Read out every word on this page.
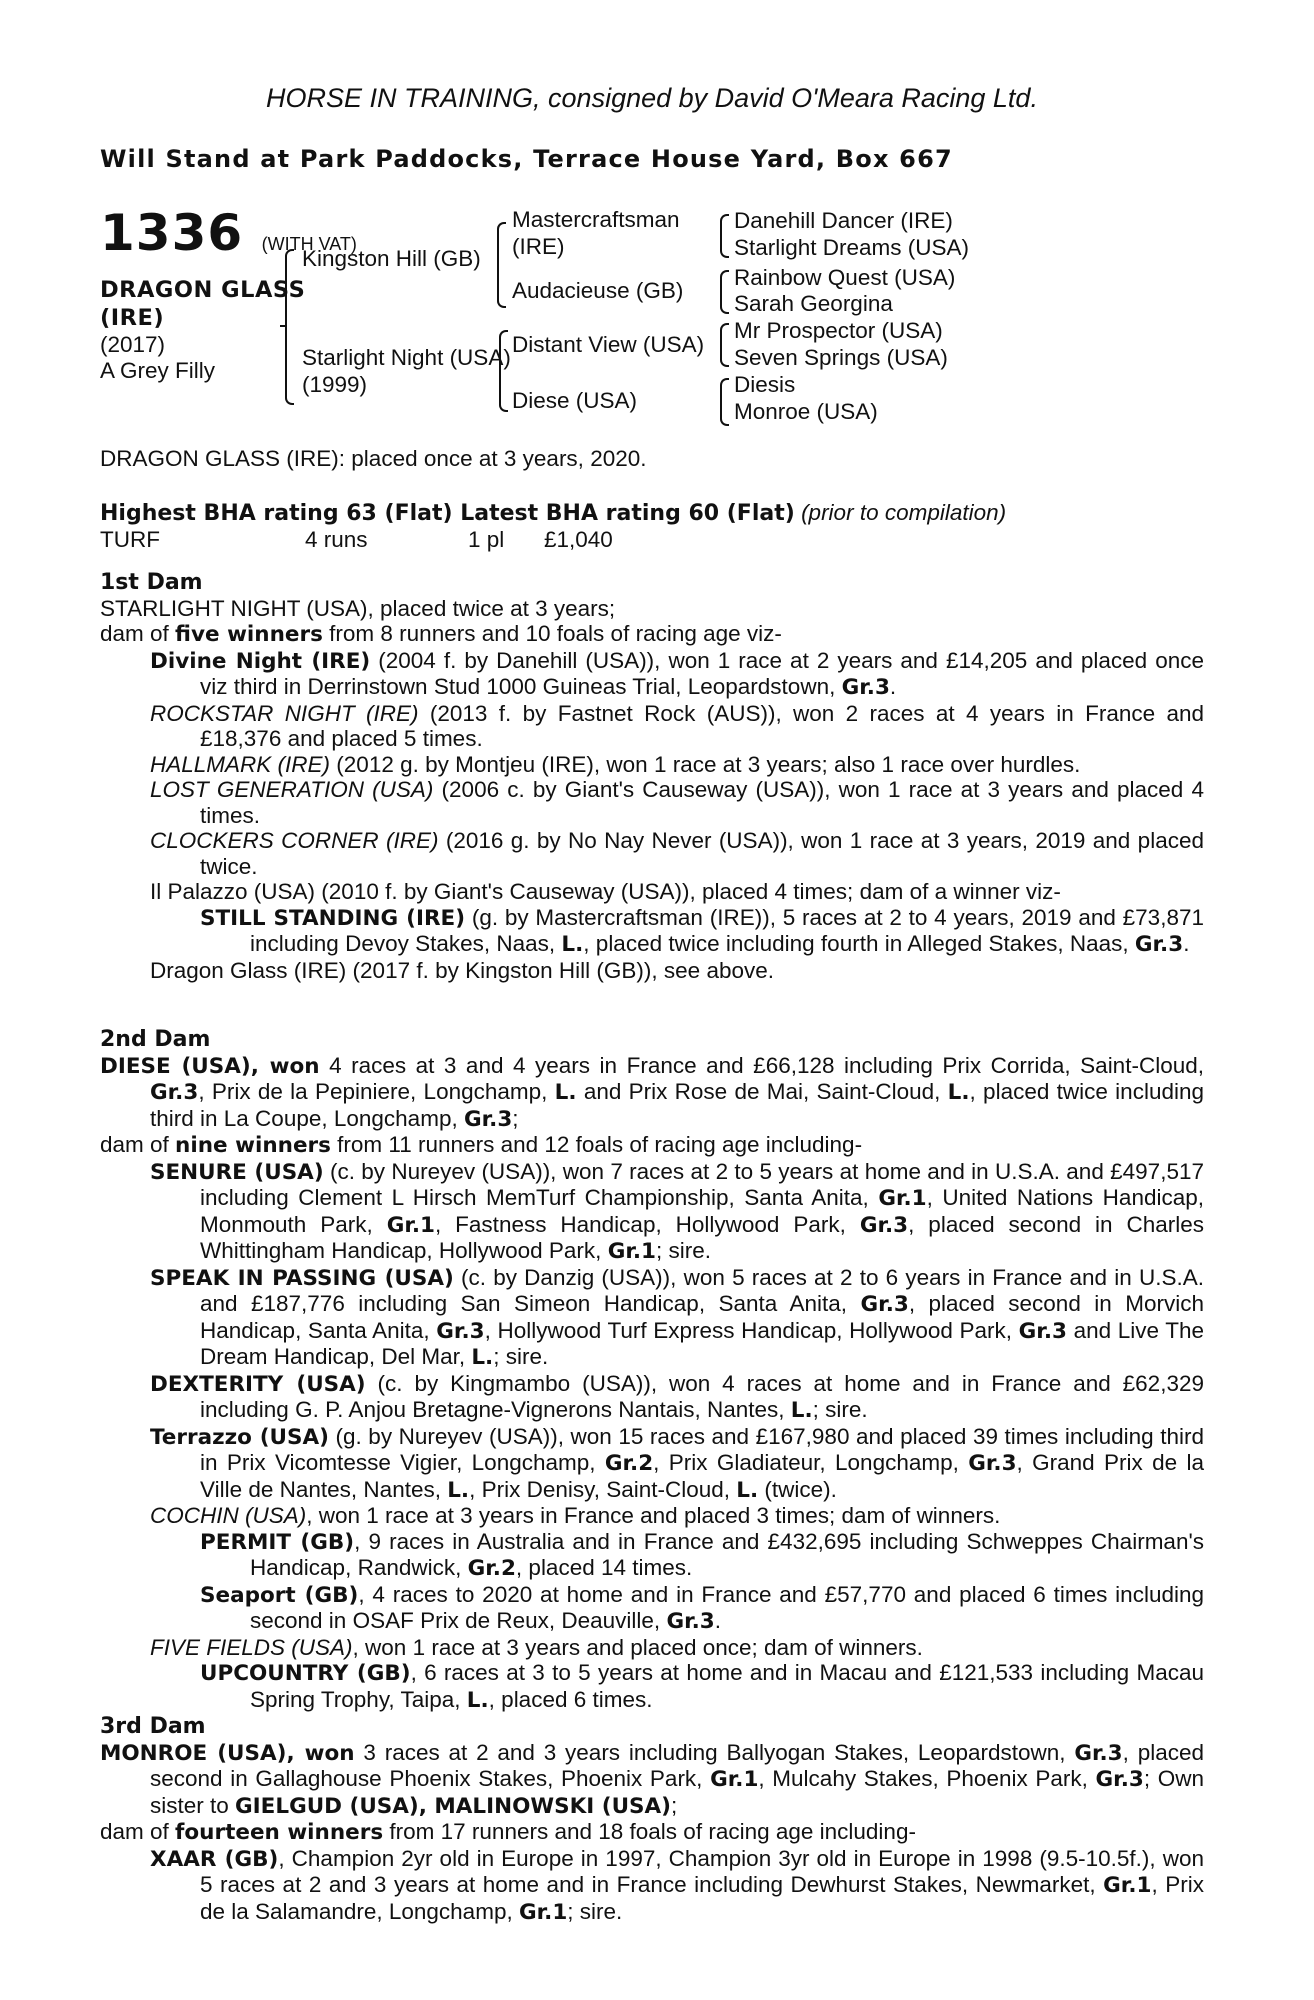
HORSE IN TRAINING, consigned by David O'Meara Racing Ltd.
Will Stand at Park Paddocks, Terrace House Yard, Box 667
1336 (WITH VAT)
DRAGON GLASS
(IRE)
(2017)
A Grey Filly
Kingston Hill (GB)
Starlight Night (USA)
(1999)
Mastercraftsman
(IRE)
Audacieuse (GB)
Distant View (USA)
Diese (USA)
Danehill Dancer (IRE)
Starlight Dreams (USA)
Rainbow Quest (USA)
Sarah Georgina
Mr Prospector (USA)
Seven Springs (USA)
Diesis
Monroe (USA)
DRAGON GLASS (IRE): placed once at 3 years, 2020.
Highest BHA rating 63 (Flat) Latest BHA rating 60 (Flat) (prior to compilation)
TURF	4 runs	1 pl £1,040
1st Dam
STARLIGHT NIGHT (USA), placed twice at 3 years;
dam of five winners from 8 runners and 10 foals of racing age viz-
Divine Night (IRE) (2004 f. by Danehill (USA)), won 1 race at 2 years and £14,205 and placed once viz third in Derrinstown Stud 1000 Guineas Trial, Leopardstown, Gr.3.
ROCKSTAR NIGHT (IRE) (2013 f. by Fastnet Rock (AUS)), won 2 races at 4 years in France and £18,376 and placed 5 times.
HALLMARK (IRE) (2012 g. by Montjeu (IRE), won 1 race at 3 years; also 1 race over hurdles.
LOST GENERATION (USA) (2006 c. by Giant's Causeway (USA)), won 1 race at 3 years and placed 4 times.
CLOCKERS CORNER (IRE) (2016 g. by No Nay Never (USA)), won 1 race at 3 years, 2019 and placed twice.
Il Palazzo (USA) (2010 f. by Giant's Causeway (USA)), placed 4 times; dam of a winner viz-
STILL STANDING (IRE) (g. by Mastercraftsman (IRE)), 5 races at 2 to 4 years, 2019 and £73,871 including Devoy Stakes, Naas, L., placed twice including fourth in Alleged Stakes, Naas, Gr.3.
Dragon Glass (IRE) (2017 f. by Kingston Hill (GB)), see above.
2nd Dam
DIESE (USA), won 4 races at 3 and 4 years in France and £66,128 including Prix Corrida, Saint-Cloud, Gr.3, Prix de la Pepiniere, Longchamp, L. and Prix Rose de Mai, Saint-Cloud, L., placed twice including third in La Coupe, Longchamp, Gr.3;
dam of nine winners from 11 runners and 12 foals of racing age including-
SENURE (USA) (c. by Nureyev (USA)), won 7 races at 2 to 5 years at home and in U.S.A. and £497,517 including Clement L Hirsch MemTurf Championship, Santa Anita, Gr.1, United Nations Handicap, Monmouth Park, Gr.1, Fastness Handicap, Hollywood Park, Gr.3, placed second in Charles Whittingham Handicap, Hollywood Park, Gr.1; sire.
SPEAK IN PASSING (USA) (c. by Danzig (USA)), won 5 races at 2 to 6 years in France and in U.S.A. and £187,776 including San Simeon Handicap, Santa Anita, Gr.3, placed second in Morvich Handicap, Santa Anita, Gr.3, Hollywood Turf Express Handicap, Hollywood Park, Gr.3 and Live The Dream Handicap, Del Mar, L.; sire.
DEXTERITY (USA) (c. by Kingmambo (USA)), won 4 races at home and in France and £62,329 including G. P. Anjou Bretagne-Vignerons Nantais, Nantes, L.; sire.
Terrazzo (USA) (g. by Nureyev (USA)), won 15 races and £167,980 and placed 39 times including third in Prix Vicomtesse Vigier, Longchamp, Gr.2, Prix Gladiateur, Longchamp, Gr.3, Grand Prix de la Ville de Nantes, Nantes, L., Prix Denisy, Saint-Cloud, L. (twice).
COCHIN (USA), won 1 race at 3 years in France and placed 3 times; dam of winners.
PERMIT (GB), 9 races in Australia and in France and £432,695 including Schweppes Chairman's Handicap, Randwick, Gr.2, placed 14 times.
Seaport (GB), 4 races to 2020 at home and in France and £57,770 and placed 6 times including second in OSAF Prix de Reux, Deauville, Gr.3.
FIVE FIELDS (USA), won 1 race at 3 years and placed once; dam of winners.
UPCOUNTRY (GB), 6 races at 3 to 5 years at home and in Macau and £121,533 including Macau Spring Trophy, Taipa, L., placed 6 times.
3rd Dam
MONROE (USA), won 3 races at 2 and 3 years including Ballyogan Stakes, Leopardstown, Gr.3, placed second in Gallaghouse Phoenix Stakes, Phoenix Park, Gr.1, Mulcahy Stakes, Phoenix Park, Gr.3; Own sister to GIELGUD (USA), MALINOWSKI (USA);
dam of fourteen winners from 17 runners and 18 foals of racing age including-
XAAR (GB), Champion 2yr old in Europe in 1997, Champion 3yr old in Europe in 1998 (9.5-10.5f.), won 5 races at 2 and 3 years at home and in France including Dewhurst Stakes, Newmarket, Gr.1, Prix de la Salamandre, Longchamp, Gr.1; sire.
